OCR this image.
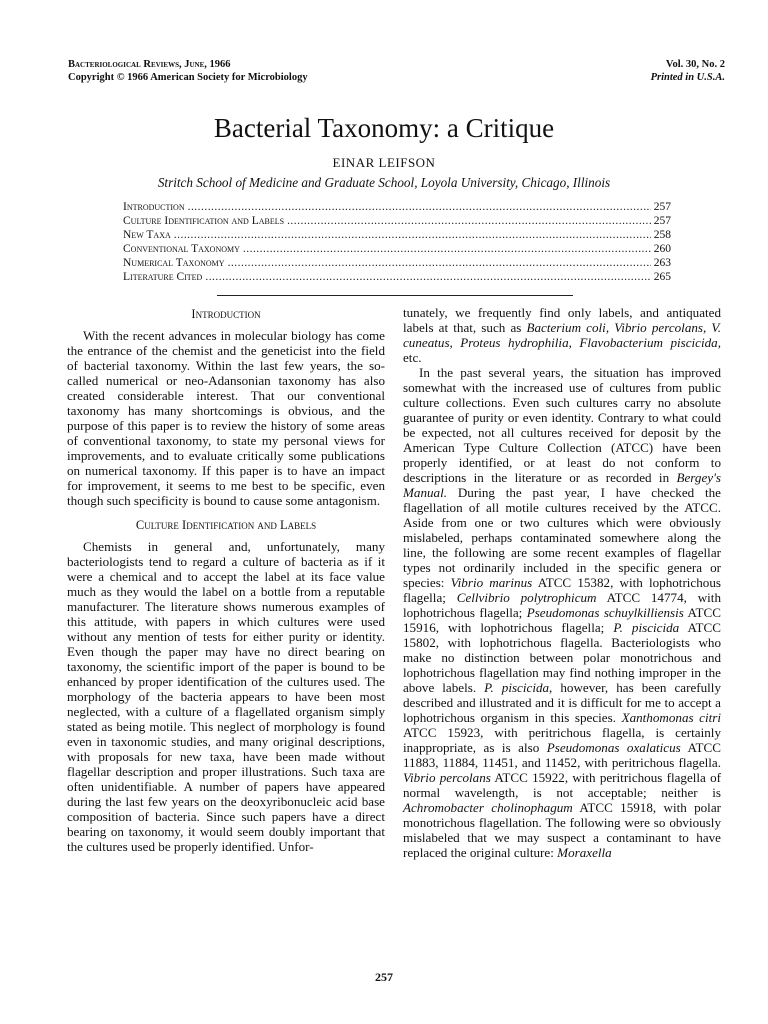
Bacteriological Reviews, June, 1966
Copyright © 1966 American Society for Microbiology
Vol. 30, No. 2
Printed in U.S.A.
Bacterial Taxonomy: a Critique
EINAR LEIFSON
Stritch School of Medicine and Graduate School, Loyola University, Chicago, Illinois
Introduction . . .	257
Culture Identification and Labels . . .	257
New Taxa . . .	258
Conventional Taxonomy . . .	260
Numerical Taxonomy . . .	263
Literature Cited . . .	265
Introduction

With the recent advances in molecular biology has come the entrance of the chemist and the geneticist into the field of bacterial taxonomy. Within the last few years, the so-called numerical or neo-Adansonian taxonomy has also created considerable interest. That our conventional taxonomy has many shortcomings is obvious, and the purpose of this paper is to review the history of some areas of conventional taxonomy, to state my personal views for improvements, and to evaluate critically some publications on numerical taxonomy. If this paper is to have an impact for improvement, it seems to me best to be specific, even though such specificity is bound to cause some antagonism.

Culture Identification and Labels

Chemists in general and, unfortunately, many bacteriologists tend to regard a culture of bacteria as if it were a chemical and to accept the label at its face value much as they would the label on a bottle from a reputable manufacturer. The literature shows numerous examples of this attitude, with papers in which cultures were used without any mention of tests for either purity or identity. Even though the paper may have no direct bearing on taxonomy, the scientific import of the paper is bound to be enhanced by proper identification of the cultures used. The morphology of the bacteria appears to have been most neglected, with a culture of a flagellated organism simply stated as being motile. This neglect of morphology is found even in taxonomic studies, and many original descriptions, with proposals for new taxa, have been made without flagellar description and proper illustrations. Such taxa are often unidentifiable. A number of papers have appeared during the last few years on the deoxyribonucleic acid base composition of bacteria. Since such papers have a direct bearing on taxonomy, it would seem doubly important that the cultures used be properly identified. Unfor-

tunately, we frequently find only labels, and antiquated labels at that, such as Bacterium coli, Vibrio percolans, V. cuneatus, Proteus hydrophilia, Flavobacterium piscicida, etc.

In the past several years, the situation has improved somewhat with the increased use of cultures from public culture collections. Even such cultures carry no absolute guarantee of purity or even identity. Contrary to what could be expected, not all cultures received for deposit by the American Type Culture Collection (ATCC) have been properly identified, or at least do not conform to descriptions in the literature or as recorded in Bergey's Manual. During the past year, I have checked the flagellation of all motile cultures received by the ATCC. Aside from one or two cultures which were obviously mislabeled, perhaps contaminated somewhere along the line, the following are some recent examples of flagellar types not ordinarily included in the specific genera or species: Vibrio marinus ATCC 15382, with lophotrichous flagella; Cellvibrio polytrophicum ATCC 14774, with lophotrichous flagella; Pseudomonas schuylkilliensis ATCC 15916, with lophotrichous flagella; P. piscicida ATCC 15802, with lophotrichous flagella. Bacteriologists who make no distinction between polar monotrichous and lophotrichous flagellation may find nothing improper in the above labels. P. piscicida, however, has been carefully described and illustrated and it is difficult for me to accept a lophotrichous organism in this species. Xanthomonas citri ATCC 15923, with peritrichous flagella, is certainly inappropriate, as is also Pseudomonas oxalaticus ATCC 11883, 11884, 11451, and 11452, with peritrichous flagella. Vibrio percolans ATCC 15922, with peritrichous flagella of normal wavelength, is not acceptable; neither is Achromobacter cholinophagum ATCC 15918, with polar monotrichous flagellation. The following were so obviously mislabeled that we may suspect a contaminant to have replaced the original culture: Moraxella

257
